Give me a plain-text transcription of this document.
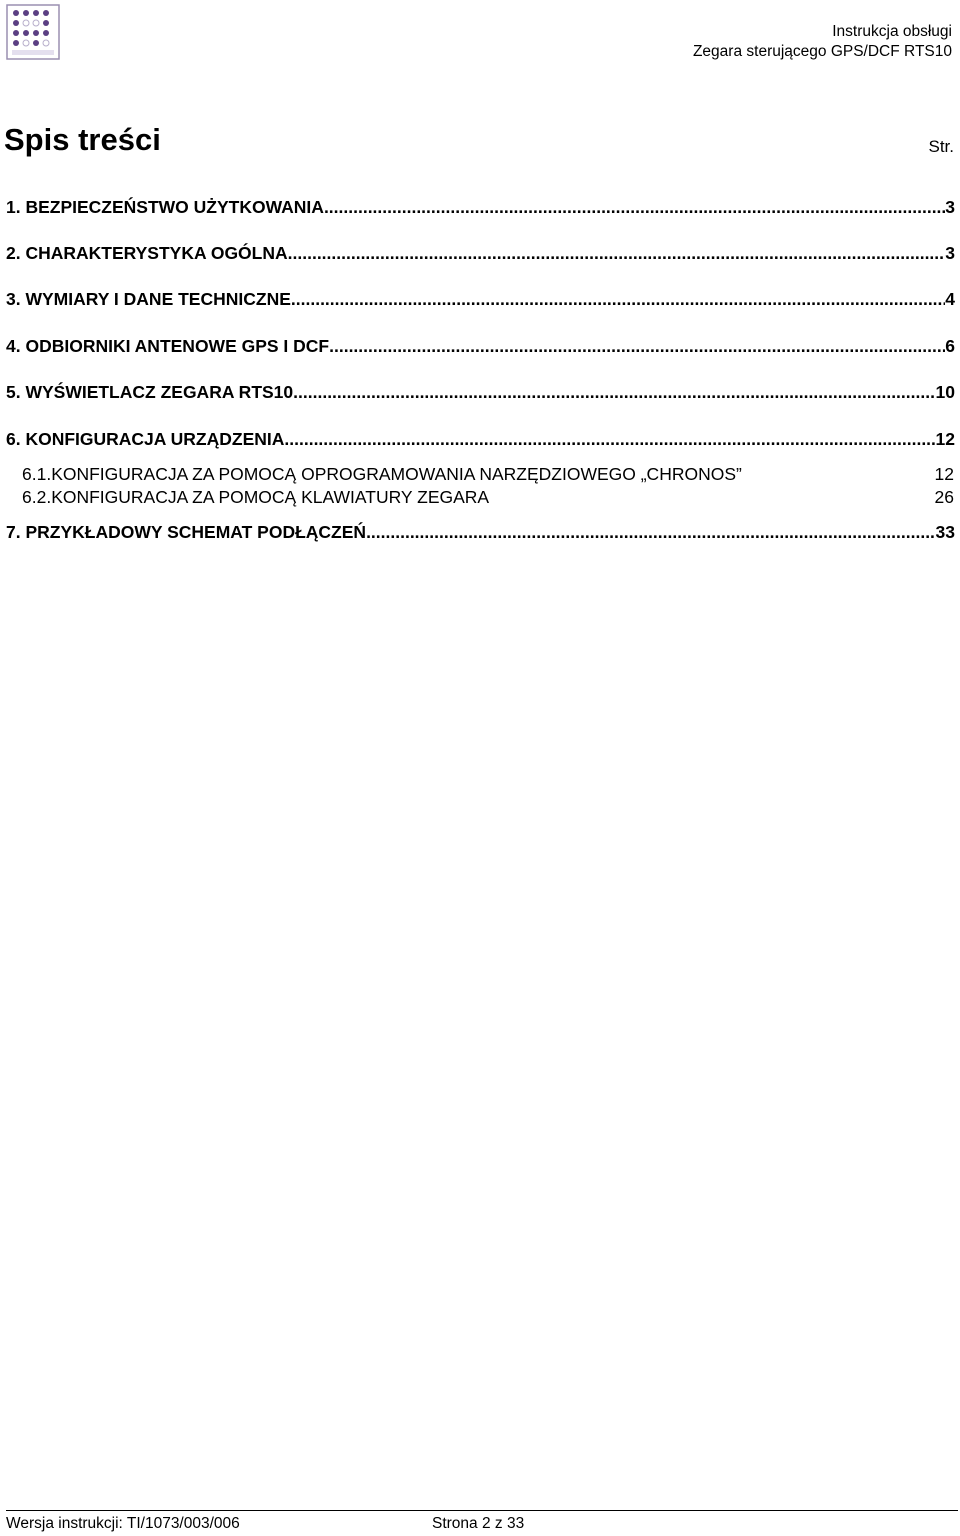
Instrukcja obsługi
Zegara sterującego GPS/DCF RTS10
Spis treści	Str.
1. BEZPIECZEŃSTWO UŻYTKOWANIA .....	3
2. CHARAKTERYSTYKA OGÓLNA .....	3
3. WYMIARY I DANE TECHNICZNE .....	4
4. ODBIORNIKI ANTENOWE GPS I DCF .....	6
5. WYŚWIETLACZ ZEGARA RTS10 .....	10
6. KONFIGURACJA URZĄDZENIA .....	12
6.1.KONFIGURACJA ZA POMOCĄ OPROGRAMOWANIA NARZĘDZIOWEGO „CHRONOS”	12
6.2.KONFIGURACJA ZA POMOCĄ KLAWIATURY ZEGARA	26
7. PRZYKŁADOWY SCHEMAT PODŁĄCZEŃ .....	33
Wersja instrukcji: TI/1073/003/006	Strona 2 z 33
